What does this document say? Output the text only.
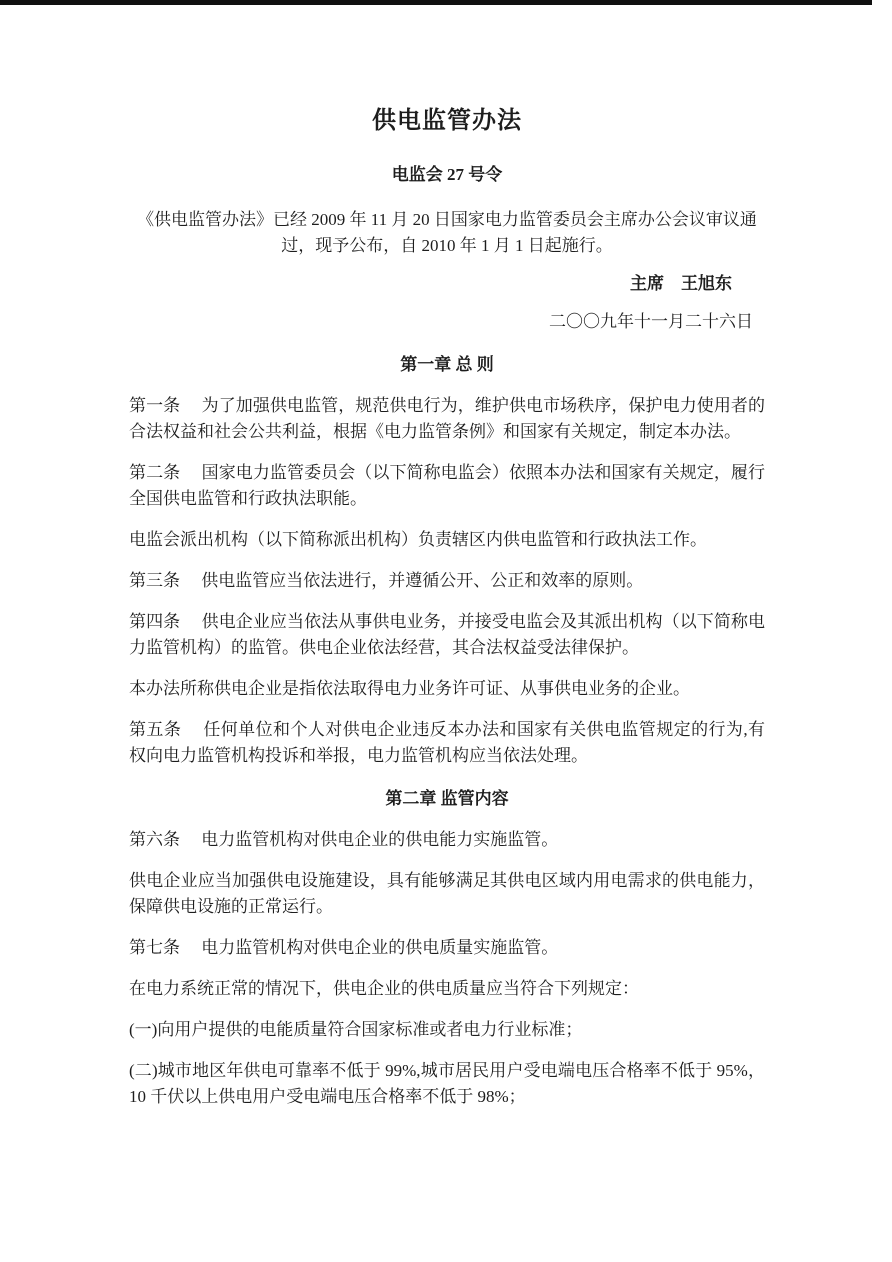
供电监管办法
电监会 27 号令

《供电监管办法》已经 2009 年 11 月 20 日国家电力监管委员会主席办公会议审议通过，现予公布，自 2010 年 1 月 1 日起施行。

主席　王旭东
二〇〇九年十一月二十六日
第一章 总 则

第一条　 为了加强供电监管，规范供电行为，维护供电市场秩序，保护电力使用者的合法权益和社会公共利益，根据《电力监管条例》和国家有关规定，制定本办法。

第二条　 国家电力监管委员会（以下简称电监会）依照本办法和国家有关规定，履行全国供电监管和行政执法职能。

电监会派出机构（以下简称派出机构）负责辖区内供电监管和行政执法工作。

第三条　 供电监管应当依法进行，并遵循公开、公正和效率的原则。

第四条　 供电企业应当依法从事供电业务，并接受电监会及其派出机构（以下简称电力监管机构）的监管。供电企业依法经营，其合法权益受法律保护。

本办法所称供电企业是指依法取得电力业务许可证、从事供电业务的企业。

第五条　 任何单位和个人对供电企业违反本办法和国家有关供电监管规定的行为,有权向电力监管机构投诉和举报，电力监管机构应当依法处理。

第二章 监管内容

第六条　 电力监管机构对供电企业的供电能力实施监管。

供电企业应当加强供电设施建设，具有能够满足其供电区域内用电需求的供电能力，保障供电设施的正常运行。

第七条　 电力监管机构对供电企业的供电质量实施监管。

在电力系统正常的情况下，供电企业的供电质量应当符合下列规定：

(一)向用户提供的电能质量符合国家标准或者电力行业标准；

(二)城市地区年供电可靠率不低于 99%,城市居民用户受电端电压合格率不低于 95%，10 千伏以上供电用户受电端电压合格率不低于 98%；
